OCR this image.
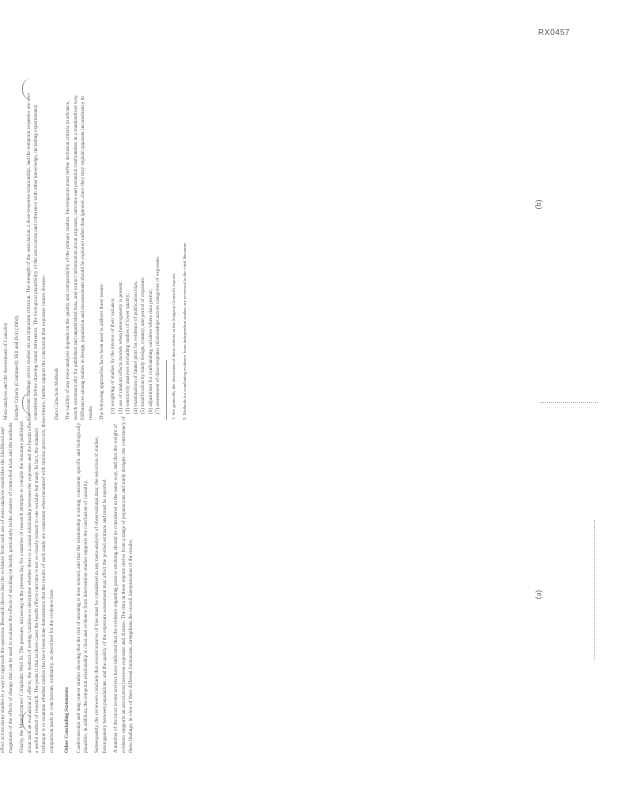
RX0457

effect across many studies is a way to approach the question. Research shows that the evidence from such use of meta-analysis establishes the likelihood and magnitude of the effects of change that can be used to evaluate the effects of smoking on health, particularly in the absence of controlled trials and the methods. Finally, the Manufacturers' Complaint: Wall St. The pressure, increasing in the present day for a number of research attempts to compile the literature published about such an evaluation of effects; the method of testing variables to determine whether there is a causal relationship between the exposure and the health effect is a useful method of research. The point is that in these cases the health effects outcome is not so clearly related to one variable but many. In fact, the standard technique is to examine whether studies that have been done demonstrate that the results of each study are consistent when measured with similar protocols; this comparison leads to conclusions, ordinarily, as described for the evidence base. Other Concluding Statements Cardiovascular and lung cancer studies showing that the risk of smoking is dose related, and that the relationship is strong, consistent, specific and biologically plausible; in addition, the temporal relationship is clear and evidence from intervention studies supports the conclusion of causality. Subsequently, the reviewers conclude that several sources of bias must be considered in any meta-analysis of observational data; the selection of studies, heterogeneity between populations, and the quality of the exposure assessment may affect the pooled estimate and must be reported. A number of the most recent reviews have indicated that the evidence regarding passive smoking should be considered in the same way, and that the weight of evidence supports an association between exposure and disease. The data in these reports derive from a range of populations and study designs; the consistency of these findings, in view of their different limitations, strengthens the overall interpretation of the results.	(a)

Meta-analysis and the Assessment of Causality Further Criteria (Continued): Hill and Doll (1964) Consistent findings across studies are an important criterion. The strength of the association, a dose-response relationship, and the temporal sequence are also considered before drawing causal inferences. The biological plausibility of the association and coherence with other knowledge, including experimental evidence, further support the conclusion that exposure causes disease. Data Collection Methods The validity of any meta-analysis depends on the quality and comparability of the primary studies. Investigators must define inclusion criteria in advance, search systematically for published and unpublished data, and extract information about exposure, outcome and potential confounders in a standardized way. Differences among studies in design, population and measurement should be explored rather than ignored, since they may explain apparent inconsistency in results. The following approaches have been used to address these issues: (1) weighting of studies by the inverse of their variance; (2) use of random effects models when heterogeneity is present; (3) sensitivity analyses excluding studies of lower quality; (4) examination of funnel plots for evidence of publication bias; (5) stratification by study design, country, and period of exposure; (6) adjustment for confounding variables where data permit; (7) assessment of dose-response relationships across categories of exposure.	1. See generally the discussion of these criteria in the Surgeon General's reports.	2. Methods for combining evidence from independent studies are reviewed in the cited literature.

(b)
